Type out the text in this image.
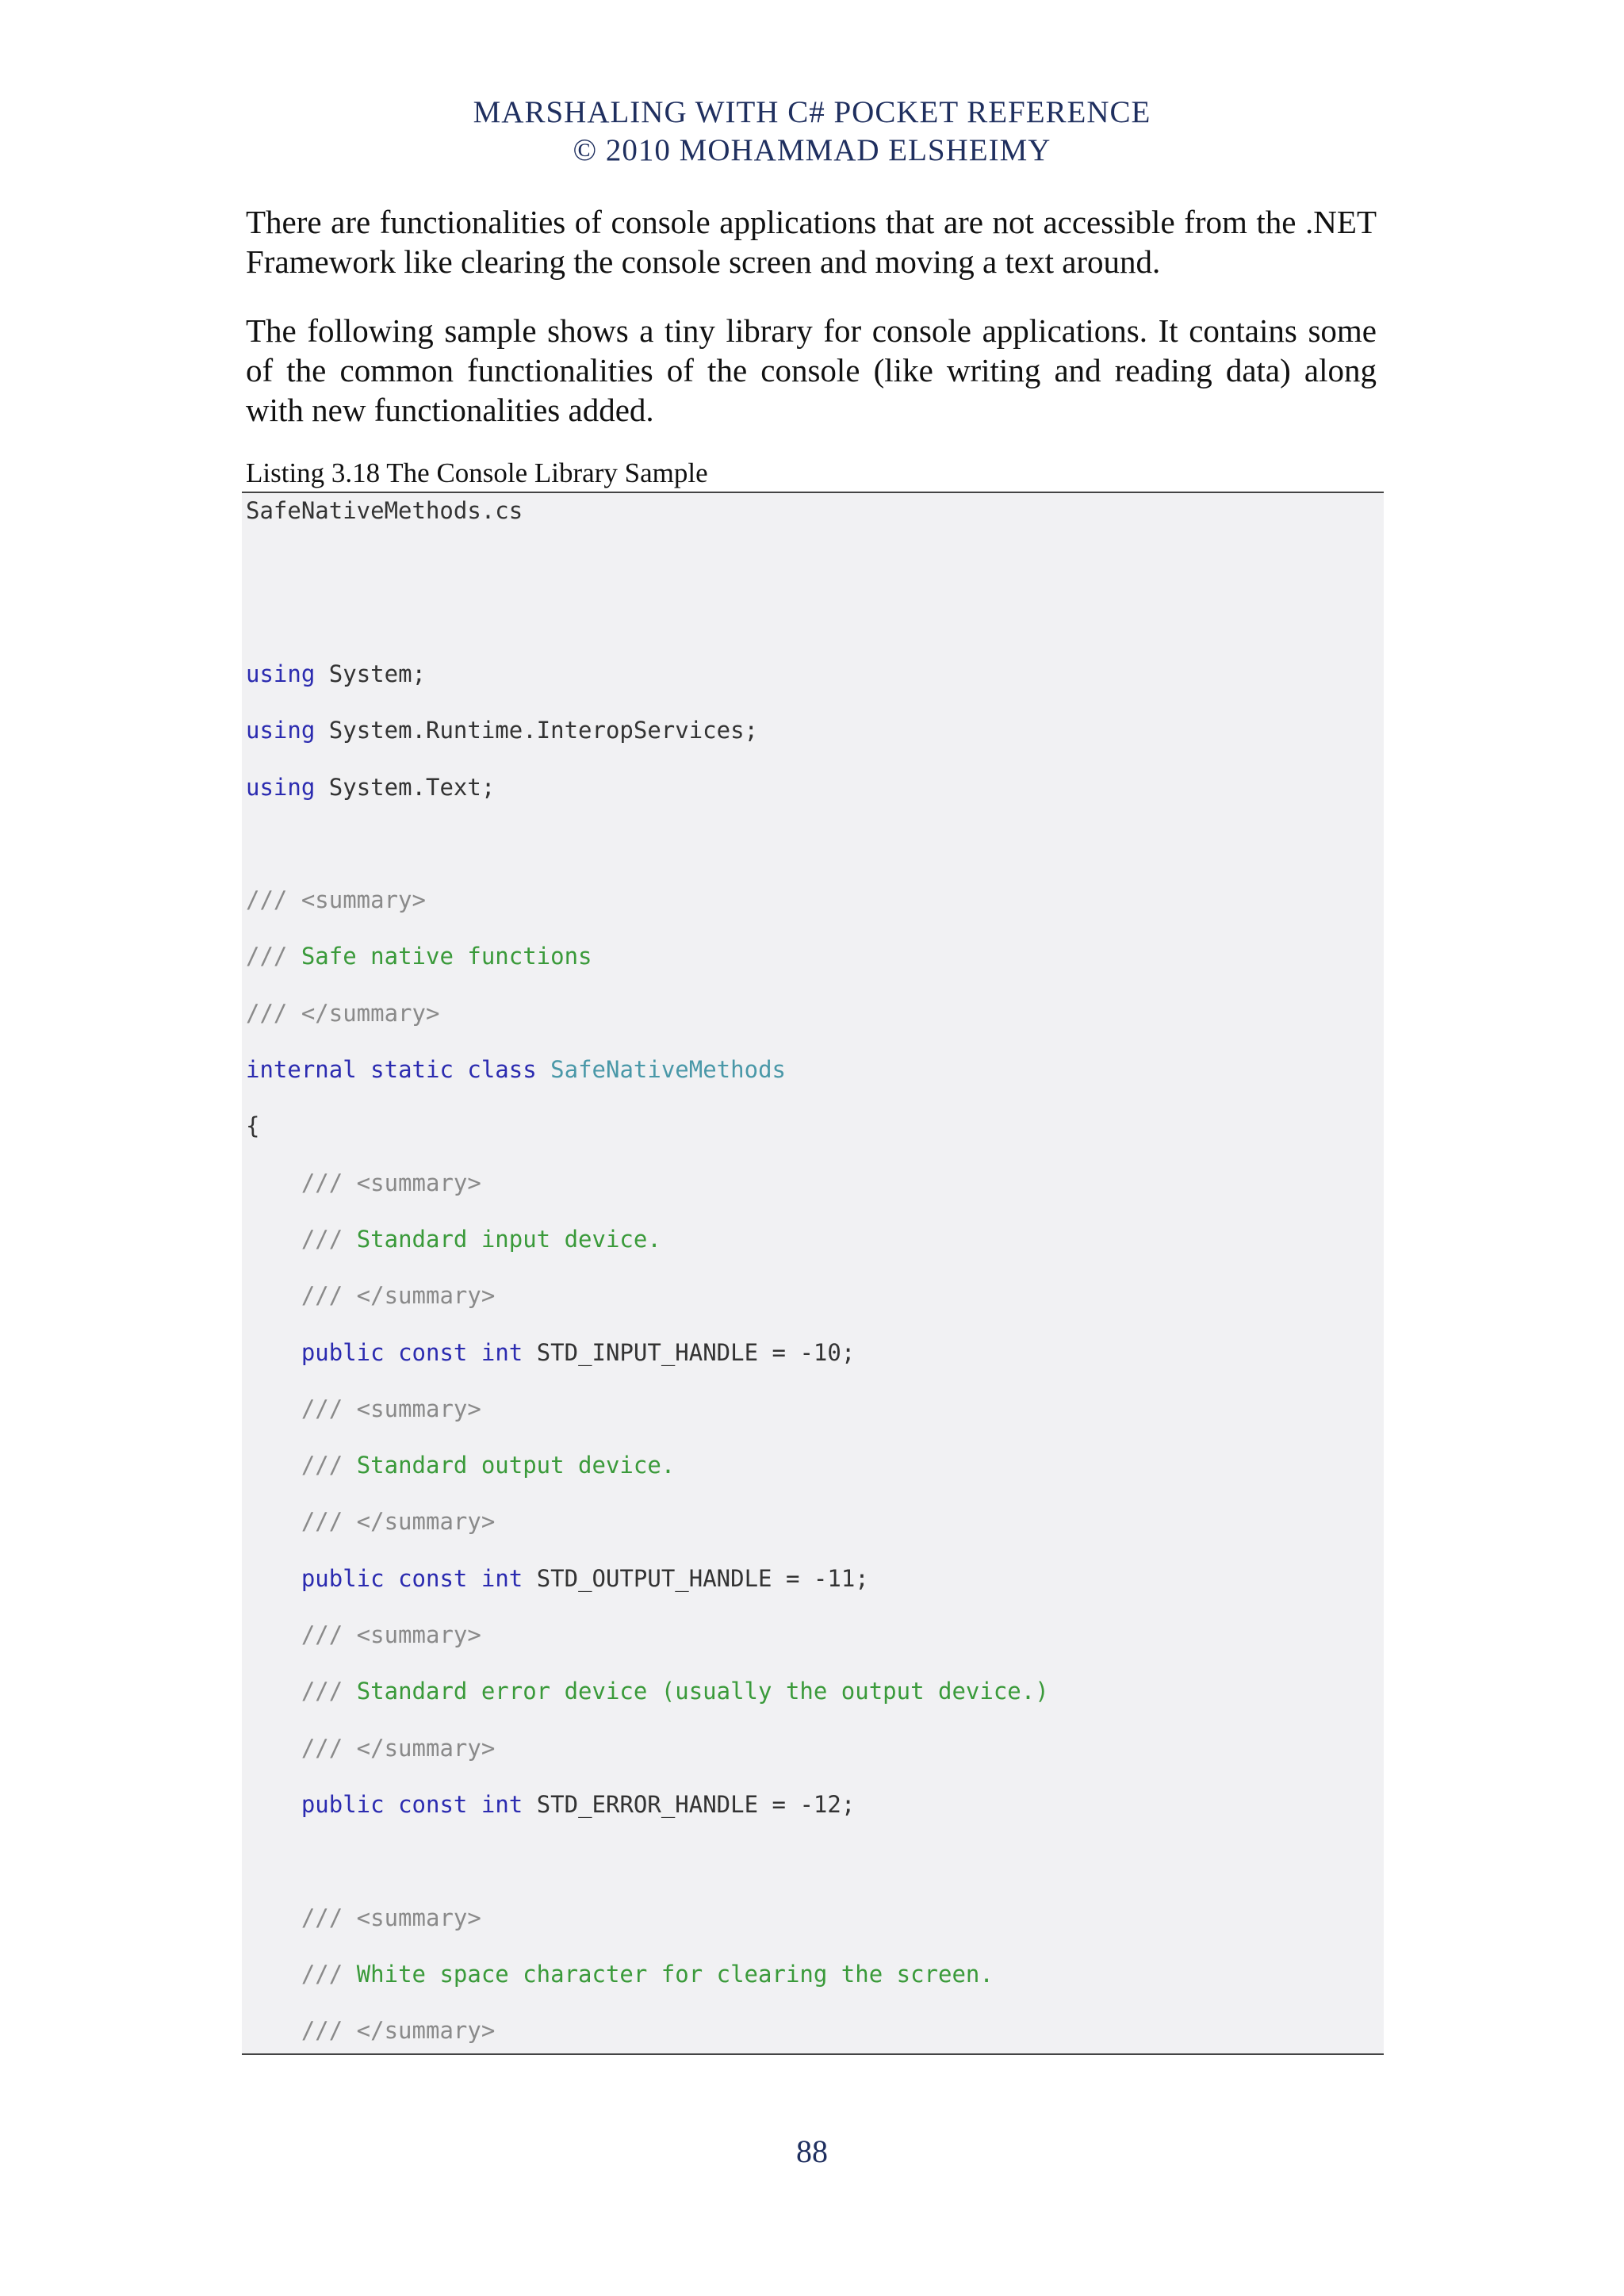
MARSHALING WITH C# POCKET REFERENCE
© 2010 MOHAMMAD ELSHEIMY

There are functionalities of console applications that are not accessible from the .NET Framework like clearing the console screen and moving a text around.

The following sample shows a tiny library for console applications. It contains some of the common functionalities of the console (like writing and reading data) along with new functionalities added.

Listing 3.18 The Console Library Sample
SafeNativeMethods.cs
using System;
using System.Runtime.InteropServices;
using System.Text;
/// <summary>
/// Safe native functions
/// </summary>
internal static class SafeNativeMethods
{
/// <summary>
/// Standard input device.
/// </summary>
public const int STD_INPUT_HANDLE = -10;
/// <summary>
/// Standard output device.
/// </summary>
public const int STD_OUTPUT_HANDLE = -11;
/// <summary>
/// Standard error device (usually the output device.)
/// </summary>
public const int STD_ERROR_HANDLE = -12;
/// <summary>
/// White space character for clearing the screen.
/// </summary>
88
